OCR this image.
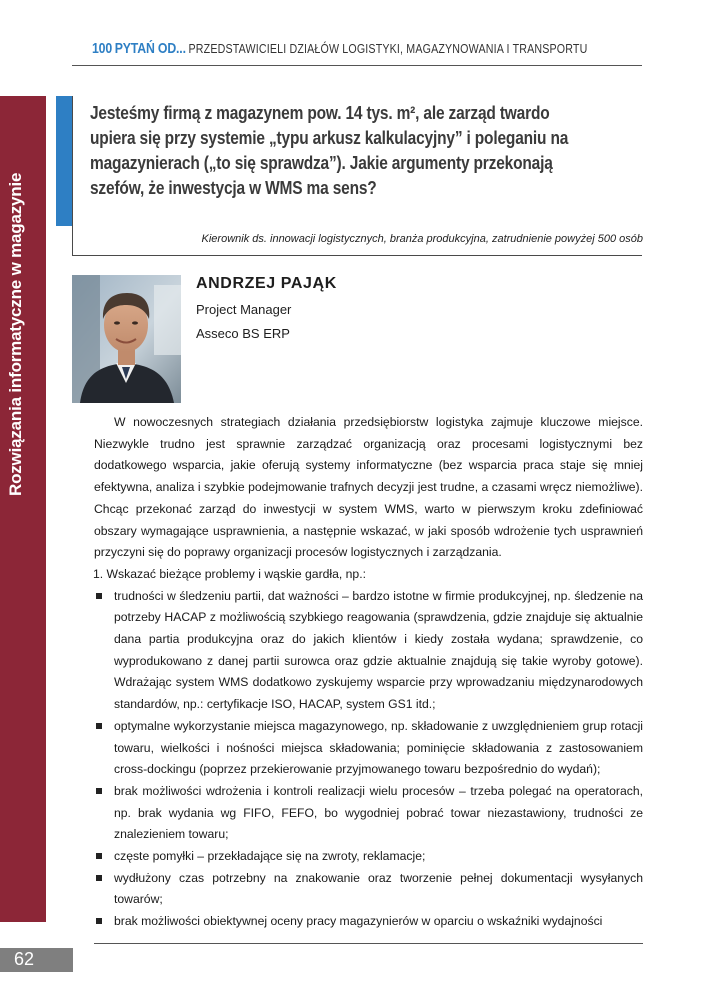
100 PYTAŃ OD... PRZEDSTAWICIELI DZIAŁÓW LOGISTYKI, MAGAZYNOWANIA I TRANSPORTU
Rozwiązania informatyczne w magazynie
62

Jesteśmy firmą z magazynem pow. 14 tys. m², ale zarząd twardo upiera się przy systemie „typu arkusz kalkulacyjny” i poleganiu na magazynierach („to się sprawdza”). Jakie argumenty przekonają szefów, że inwestycja w WMS ma sens?

Kierownik ds. innowacji logistycznych, branża produkcyjna, zatrudnienie powyżej 500 osób

ANDRZEJ PAJĄK
Project Manager
Asseco BS ERP

W nowoczesnych strategiach działania przedsiębiorstw logistyka zajmuje kluczowe miejsce. Niezwykle trudno jest sprawnie zarządzać organizacją oraz procesami logistycznymi bez dodatkowego wsparcia, jakie oferują systemy informatyczne (bez wsparcia praca staje się mniej efektywna, analiza i szybkie podejmowanie trafnych decyzji jest trudne, a czasami wręcz niemożliwe). Chcąc przekonać zarząd do inwestycji w system WMS, warto w pierwszym kroku zdefiniować obszary wymagające usprawnienia, a następnie wskazać, w jaki sposób wdrożenie tych usprawnień przyczyni się do poprawy organizacji procesów logistycznych i zarządzania.

1. Wskazać bieżące problemy i wąskie gardła, np.:

trudności w śledzeniu partii, dat ważności – bardzo istotne w firmie produkcyjnej, np. śledzenie na potrzeby HACAP z możliwością szybkiego reagowania (sprawdzenia, gdzie znajduje się aktualnie dana partia produkcyjna oraz do jakich klientów i kiedy została wydana; sprawdzenie, co wyprodukowano z danej partii surowca oraz gdzie aktualnie znajdują się takie wyroby gotowe). Wdrażając system WMS dodatkowo zyskujemy wsparcie przy wprowadzaniu międzynarodowych standardów, np.: certyfikacje ISO, HACAP, system GS1 itd.;
optymalne wykorzystanie miejsca magazynowego, np. składowanie z uwzględnieniem grup rotacji towaru, wielkości i nośności miejsca składowania; pominięcie składowania z zastosowaniem cross-dockingu (poprzez przekierowanie przyjmowanego towaru bezpośrednio do wydań);
brak możliwości wdrożenia i kontroli realizacji wielu procesów – trzeba polegać na operatorach, np. brak wydania wg FIFO, FEFO, bo wygodniej pobrać towar niezastawiony, trudności ze znalezieniem towaru;
częste pomyłki – przekładające się na zwroty, reklamacje;
wydłużony czas potrzebny na znakowanie oraz tworzenie pełnej dokumentacji wysyłanych towarów;
brak możliwości obiektywnej oceny pracy magazynierów w oparciu o wskaźniki wydajności
